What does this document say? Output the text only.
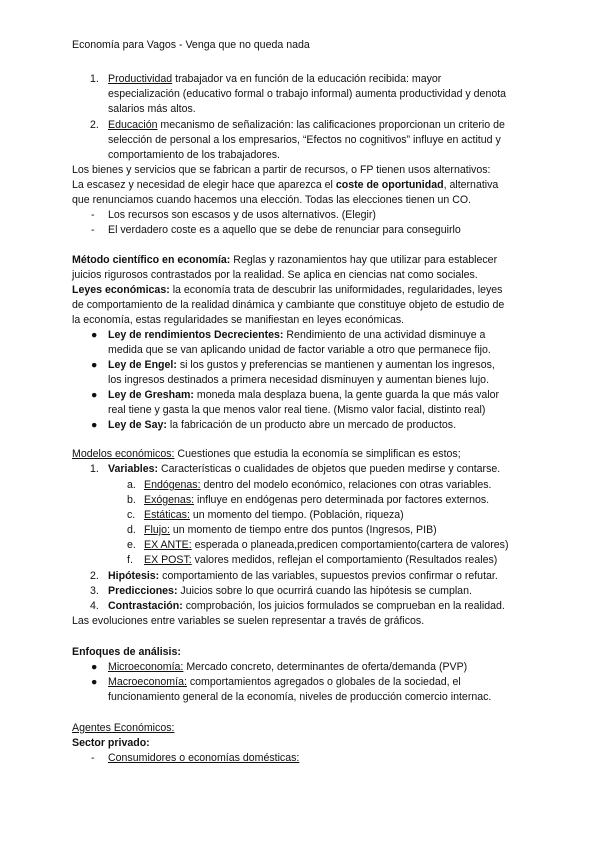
Economía para Vagos - Venga que no queda nada
1. Productividad trabajador va en función de la educación recibida: mayor
especialización (educativo formal o trabajo informal) aumenta productividad y denota
salarios más altos.
2. Educación mecanismo de señalización: las calificaciones proporcionan un criterio de
selección de personal a los empresarios, “Efectos no cognitivos” influye en actitud y
comportamiento de los trabajadores.
Los bienes y servicios que se fabrican a partir de recursos, o FP tienen usos alternativos:
La escasez y necesidad de elegir hace que aparezca el coste de oportunidad, alternativa
que renunciamos cuando hacemos una elección. Todas las elecciones tienen un CO.
- Los recursos son escasos y de usos alternativos. (Elegir)
- El verdadero coste es a aquello que se debe de renunciar para conseguirlo
Método científico en economía: Reglas y razonamientos hay que utilizar para establecer
juicios rigurosos contrastados por la realidad. Se aplica en ciencias nat como sociales.
Leyes económicas: la economía trata de descubrir las uniformidades, regularidades, leyes
de comportamiento de la realidad dinámica y cambiante que constituye objeto de estudio de
la economía, estas regularidades se manifiestan en leyes económicas.
● Ley de rendimientos Decrecientes: Rendimiento de una actividad disminuye a
medida que se van aplicando unidad de factor variable a otro que permanece fijo.
● Ley de Engel: si los gustos y preferencias se mantienen y aumentan los ingresos,
los ingresos destinados a primera necesidad disminuyen y aumentan bienes lujo.
● Ley de Gresham: moneda mala desplaza buena, la gente guarda la que más valor
real tiene y gasta la que menos valor real tiene. (Mismo valor facial, distinto real)
● Ley de Say: la fabricación de un producto abre un mercado de productos.
Modelos económicos: Cuestiones que estudia la economía se simplifican es estos;
1. Variables: Características o cualidades de objetos que pueden medirse y contarse.
a. Endógenas: dentro del modelo económico, relaciones con otras variables.
b. Exógenas: influye en endógenas pero determinada por factores externos.
c. Estáticas: un momento del tiempo. (Población, riqueza)
d. Flujo: un momento de tiempo entre dos puntos (Ingresos, PIB)
e. EX ANTE: esperada o planeada,predicen comportamiento(cartera de valores)
f. EX POST: valores medidos, reflejan el comportamiento (Resultados reales)
2. Hipótesis: comportamiento de las variables, supuestos previos confirmar o refutar.
3. Predicciones: Juicios sobre lo que ocurrirá cuando las hipótesis se cumplan.
4. Contrastación: comprobación, los juicios formulados se comprueban en la realidad.
Las evoluciones entre variables se suelen representar a través de gráficos.
Enfoques de análisis:
● Microeconomía: Mercado concreto, determinantes de oferta/demanda (PVP)
● Macroeconomía: comportamientos agregados o globales de la sociedad, el
funcionamiento general de la economía, niveles de producción comercio internac.
Agentes Económicos:
Sector privado:
- Consumidores o economías domésticas:
